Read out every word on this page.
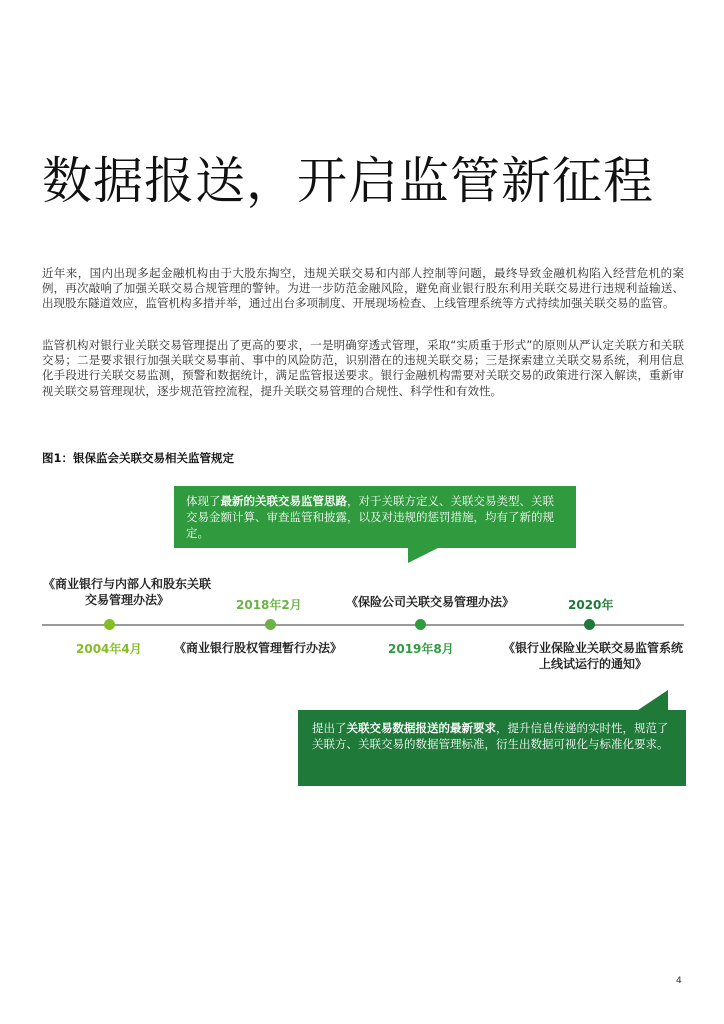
数据报送，开启监管新征程

近年来，国内出现多起金融机构由于大股东掏空，违规关联交易和内部人控制等问题，最终导致金融机构陷入经营危机的案例，再次敲响了加强关联交易合规管理的警钟。为进一步防范金融风险，避免商业银行股东利用关联交易进行违规利益输送、出现股东隧道效应，监管机构多措并举，通过出台多项制度、开展现场检查、上线管理系统等方式持续加强关联交易的监管。

监管机构对银行业关联交易管理提出了更高的要求，一是明确穿透式管理，采取“实质重于形式”的原则从严认定关联方和关联交易；二是要求银行加强关联交易事前、事中的风险防范，识别潜在的违规关联交易；三是探索建立关联交易系统，利用信息化手段进行关联交易监测，预警和数据统计，满足监管报送要求。银行金融机构需要对关联交易的政策进行深入解读，重新审视关联交易管理现状，逐步规范管控流程，提升关联交易管理的合规性、科学性和有效性。

图1：银保监会关联交易相关监管规定
体现了最新的关联交易监管思路，对于关联方定义、关联交易类型、关联交易金额计算、审查监管和披露，以及对违规的惩罚措施，均有了新的规定。
《商业银行与内部人和股东关联交易管理办法》
2004年4月
2018年2月
《商业银行股权管理暂行办法》
《保险公司关联交易管理办法》
2019年8月
2020年
《银行业保险业关联交易监管系统上线试运行的通知》
提出了关联交易数据报送的最新要求，提升信息传递的实时性，规范了关联方、关联交易的数据管理标准，衍生出数据可视化与标准化要求。
4
